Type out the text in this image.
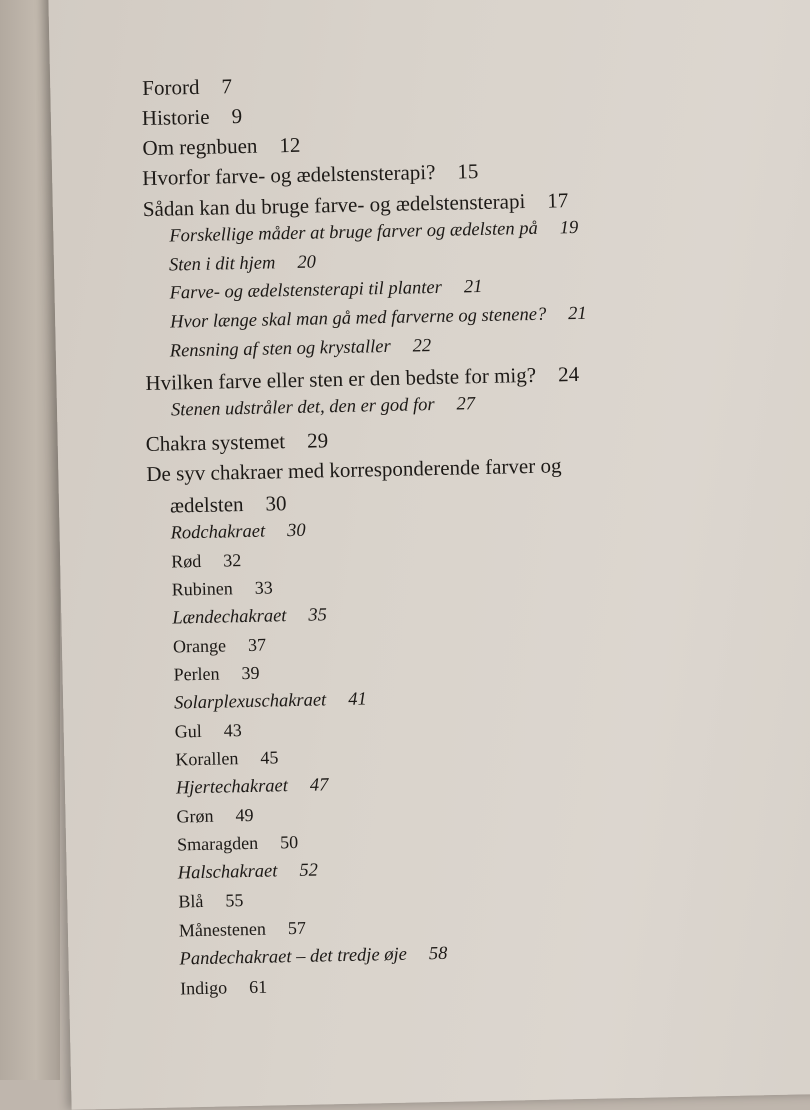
Forord 7
Historie 9
Om regnbuen 12
Hvorfor farve- og ædelstensterapi? 15
Sådan kan du bruge farve- og ædelstensterapi 17
Forskellige måder at bruge farver og ædelsten på 19
Sten i dit hjem 20
Farve- og ædelstensterapi til planter 21
Hvor længe skal man gå med farverne og stenene? 21
Rensning af sten og krystaller 22
Hvilken farve eller sten er den bedste for mig? 24
Stenen udstråler det, den er god for 27
Chakra systemet 29
De syv chakraer med korresponderende farver og
ædelsten 30
Rodchakraet 30
Rød 32
Rubinen 33
Lændechakraet 35
Orange 37
Perlen 39
Solarplexuschakraet 41
Gul 43
Korallen 45
Hjertechakraet 47
Grøn 49
Smaragden 50
Halschakraet 52
Blå 55
Månestenen 57
Pandechakraet – det tredje øje 58
Indigo 61
